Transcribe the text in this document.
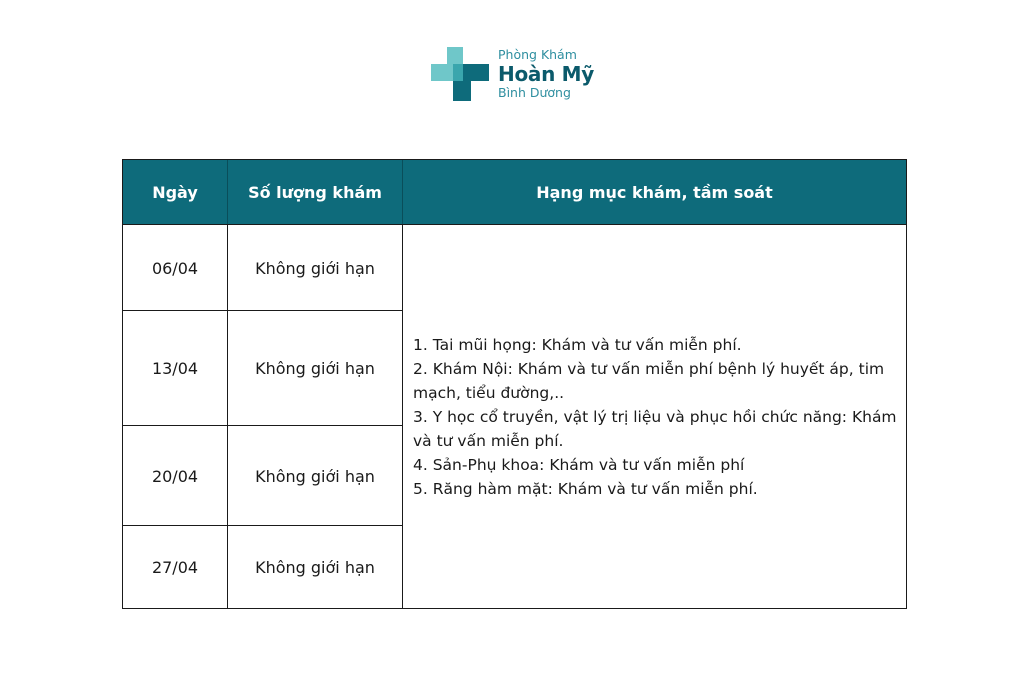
Phòng Khám
Hoàn Mỹ
Bình Dương
Ngày	Số lượng khám	Hạng mục khám, tầm soát
06/04	Không giới hạn
13/04	Không giới hạn
20/04	Không giới hạn
27/04	Không giới hạn
1. Tai mũi họng: Khám và tư vấn miễn phí.
2. Khám Nội: Khám và tư vấn miễn phí bệnh lý huyết áp, tim mạch, tiểu đường,..
3. Y học cổ truyền, vật lý trị liệu và phục hồi chức năng: Khám và tư vấn miễn phí.
4. Sản-Phụ khoa: Khám và tư vấn miễn phí
5. Răng hàm mặt: Khám và tư vấn miễn phí.
